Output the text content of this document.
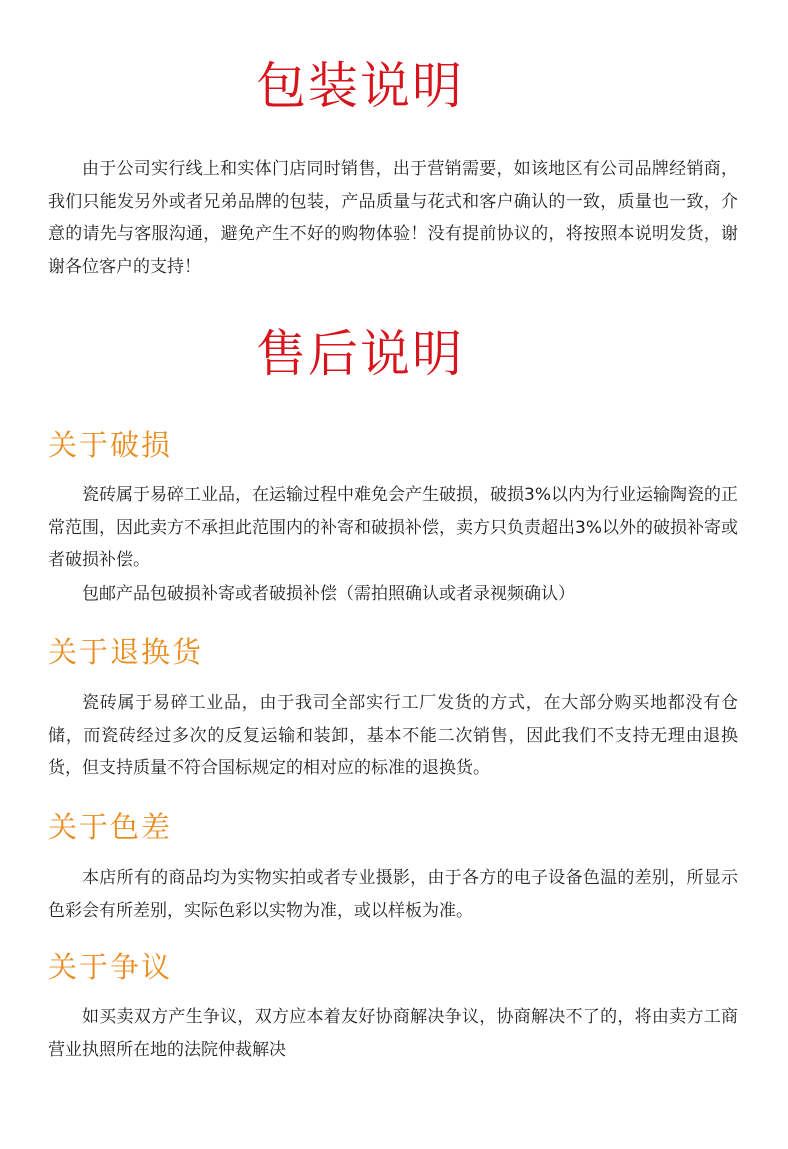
包装说明

由于公司实行线上和实体门店同时销售，出于营销需要，如该地区有公司品牌经销商，我们只能发另外或者兄弟品牌的包装，产品质量与花式和客户确认的一致，质量也一致，介意的请先与客服沟通，避免产生不好的购物体验！没有提前协议的，将按照本说明发货，谢谢各位客户的支持！

售后说明
关于破损

瓷砖属于易碎工业品，在运输过程中难免会产生破损，破损3%以内为行业运输陶瓷的正常范围，因此卖方不承担此范围内的补寄和破损补偿，卖方只负责超出3%以外的破损补寄或者破损补偿。

包邮产品包破损补寄或者破损补偿（需拍照确认或者录视频确认）

关于退换货

瓷砖属于易碎工业品，由于我司全部实行工厂发货的方式，在大部分购买地都没有仓储，而瓷砖经过多次的反复运输和装卸，基本不能二次销售，因此我们不支持无理由退换货，但支持质量不符合国标规定的相对应的标准的退换货。

关于色差

本店所有的商品均为实物实拍或者专业摄影，由于各方的电子设备色温的差别，所显示色彩会有所差别，实际色彩以实物为准，或以样板为准。

关于争议

如买卖双方产生争议，双方应本着友好协商解决争议，协商解决不了的，将由卖方工商营业执照所在地的法院仲裁解决
